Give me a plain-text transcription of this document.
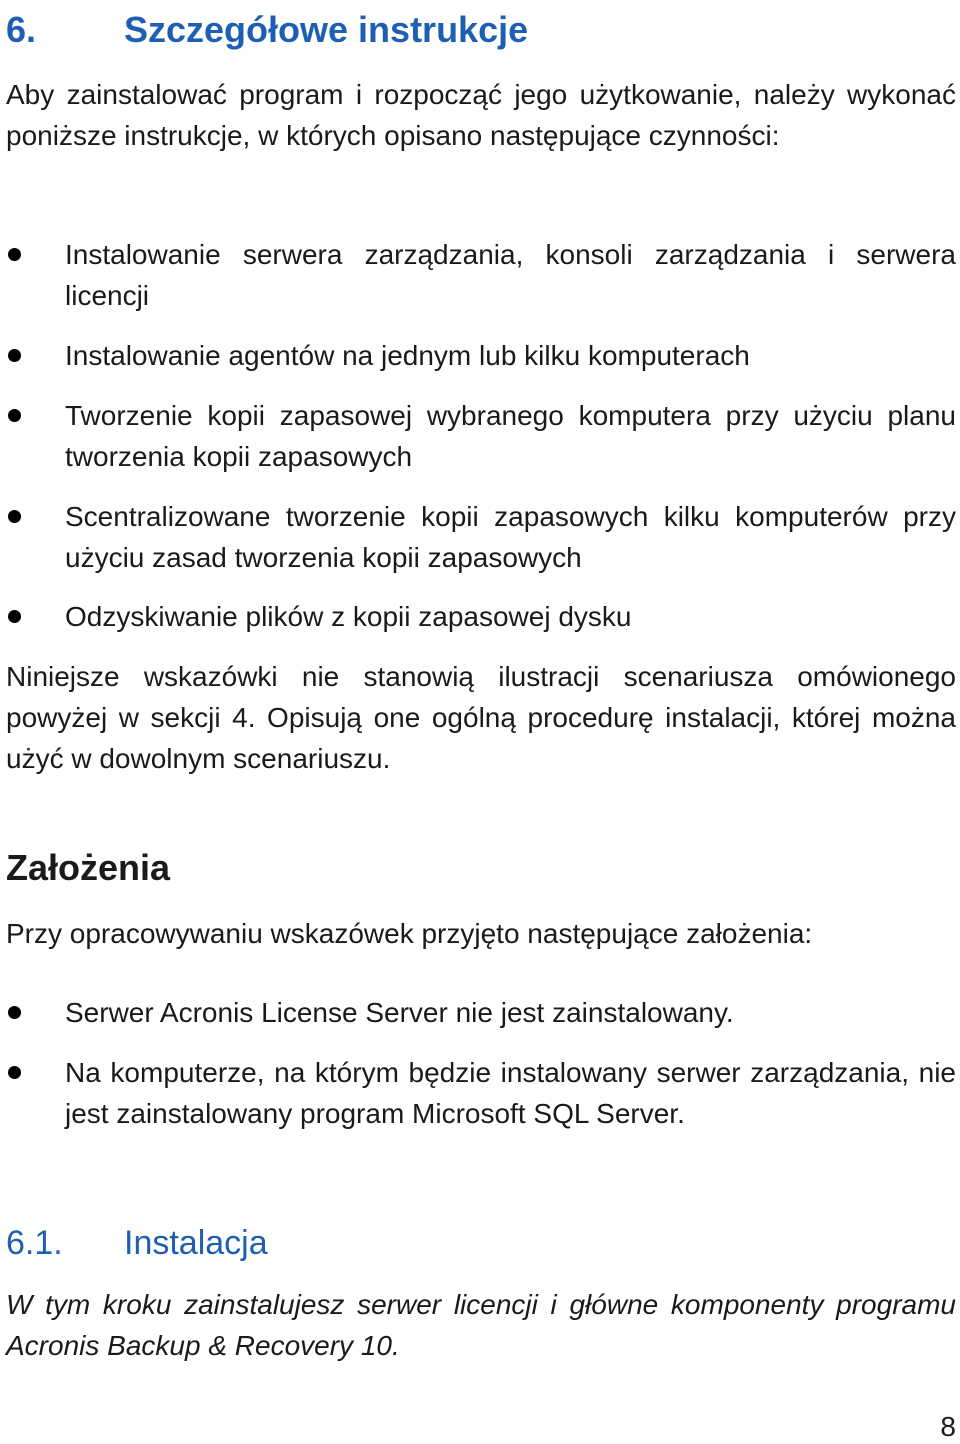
6. Szczegółowe instrukcje
Aby zainstalować program i rozpocząć jego użytkowanie, należy wykonać poniższe instrukcje, w których opisano następujące czynności:
Instalowanie serwera zarządzania, konsoli zarządzania i serwera licencji
Instalowanie agentów na jednym lub kilku komputerach
Tworzenie kopii zapasowej wybranego komputera przy użyciu planu tworzenia kopii zapasowych
Scentralizowane tworzenie kopii zapasowych kilku komputerów przy użyciu zasad tworzenia kopii zapasowych
Odzyskiwanie plików z kopii zapasowej dysku
Niniejsze wskazówki nie stanowią ilustracji scenariusza omówionego powyżej w sekcji 4. Opisują one ogólną procedurę instalacji, której można użyć w dowolnym scenariuszu.
Założenia
Przy opracowywaniu wskazówek przyjęto następujące założenia:
Serwer Acronis License Server nie jest zainstalowany.
Na komputerze, na którym będzie instalowany serwer zarządzania, nie jest zainstalowany program Microsoft SQL Server.
6.1. Instalacja
W tym kroku zainstalujesz serwer licencji i główne komponenty programu Acronis Backup & Recovery 10.
8
